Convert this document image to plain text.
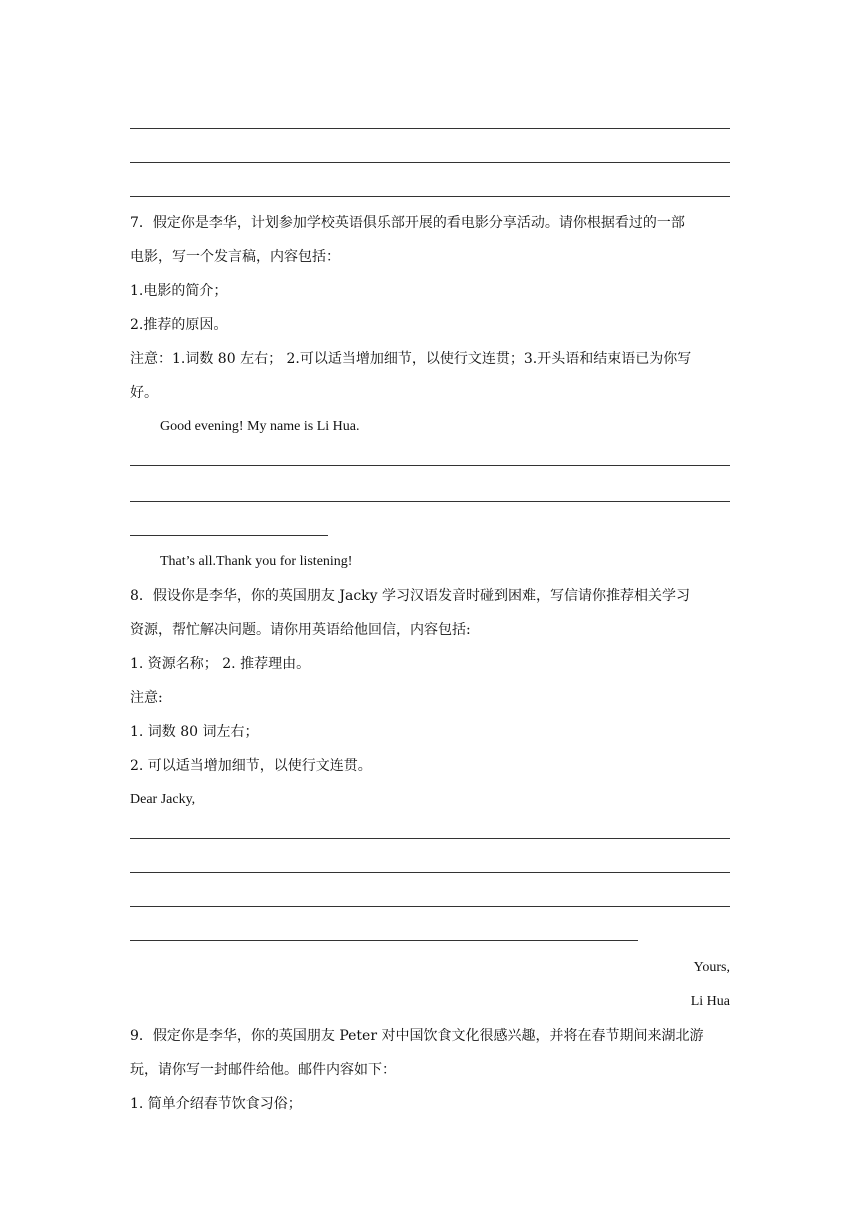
7．假定你是李华，计划参加学校英语俱乐部开展的看电影分享活动。请你根据看过的一部
电影，写一个发言稿，内容包括：
1.电影的简介；
2.推荐的原因。
注意：1.词数 80 左右； 2.可以适当增加细节，以使行文连贯；3.开头语和结束语已为你写
好。
Good evening! My name is Li Hua.
That’s all.Thank you for listening!
8．假设你是李华，你的英国朋友 Jacky 学习汉语发音时碰到困难，写信请你推荐相关学习
资源，帮忙解决问题。请你用英语给他回信，内容包括:
1. 资源名称； 2. 推荐理由。
注意:
1. 词数 80 词左右；
2. 可以适当增加细节，以使行文连贯。
Dear Jacky,
Yours,
Li Hua
9．假定你是李华，你的英国朋友 Peter 对中国饮食文化很感兴趣，并将在春节期间来湖北游
玩，请你写一封邮件给他。邮件内容如下：
1. 简单介绍春节饮食习俗；
